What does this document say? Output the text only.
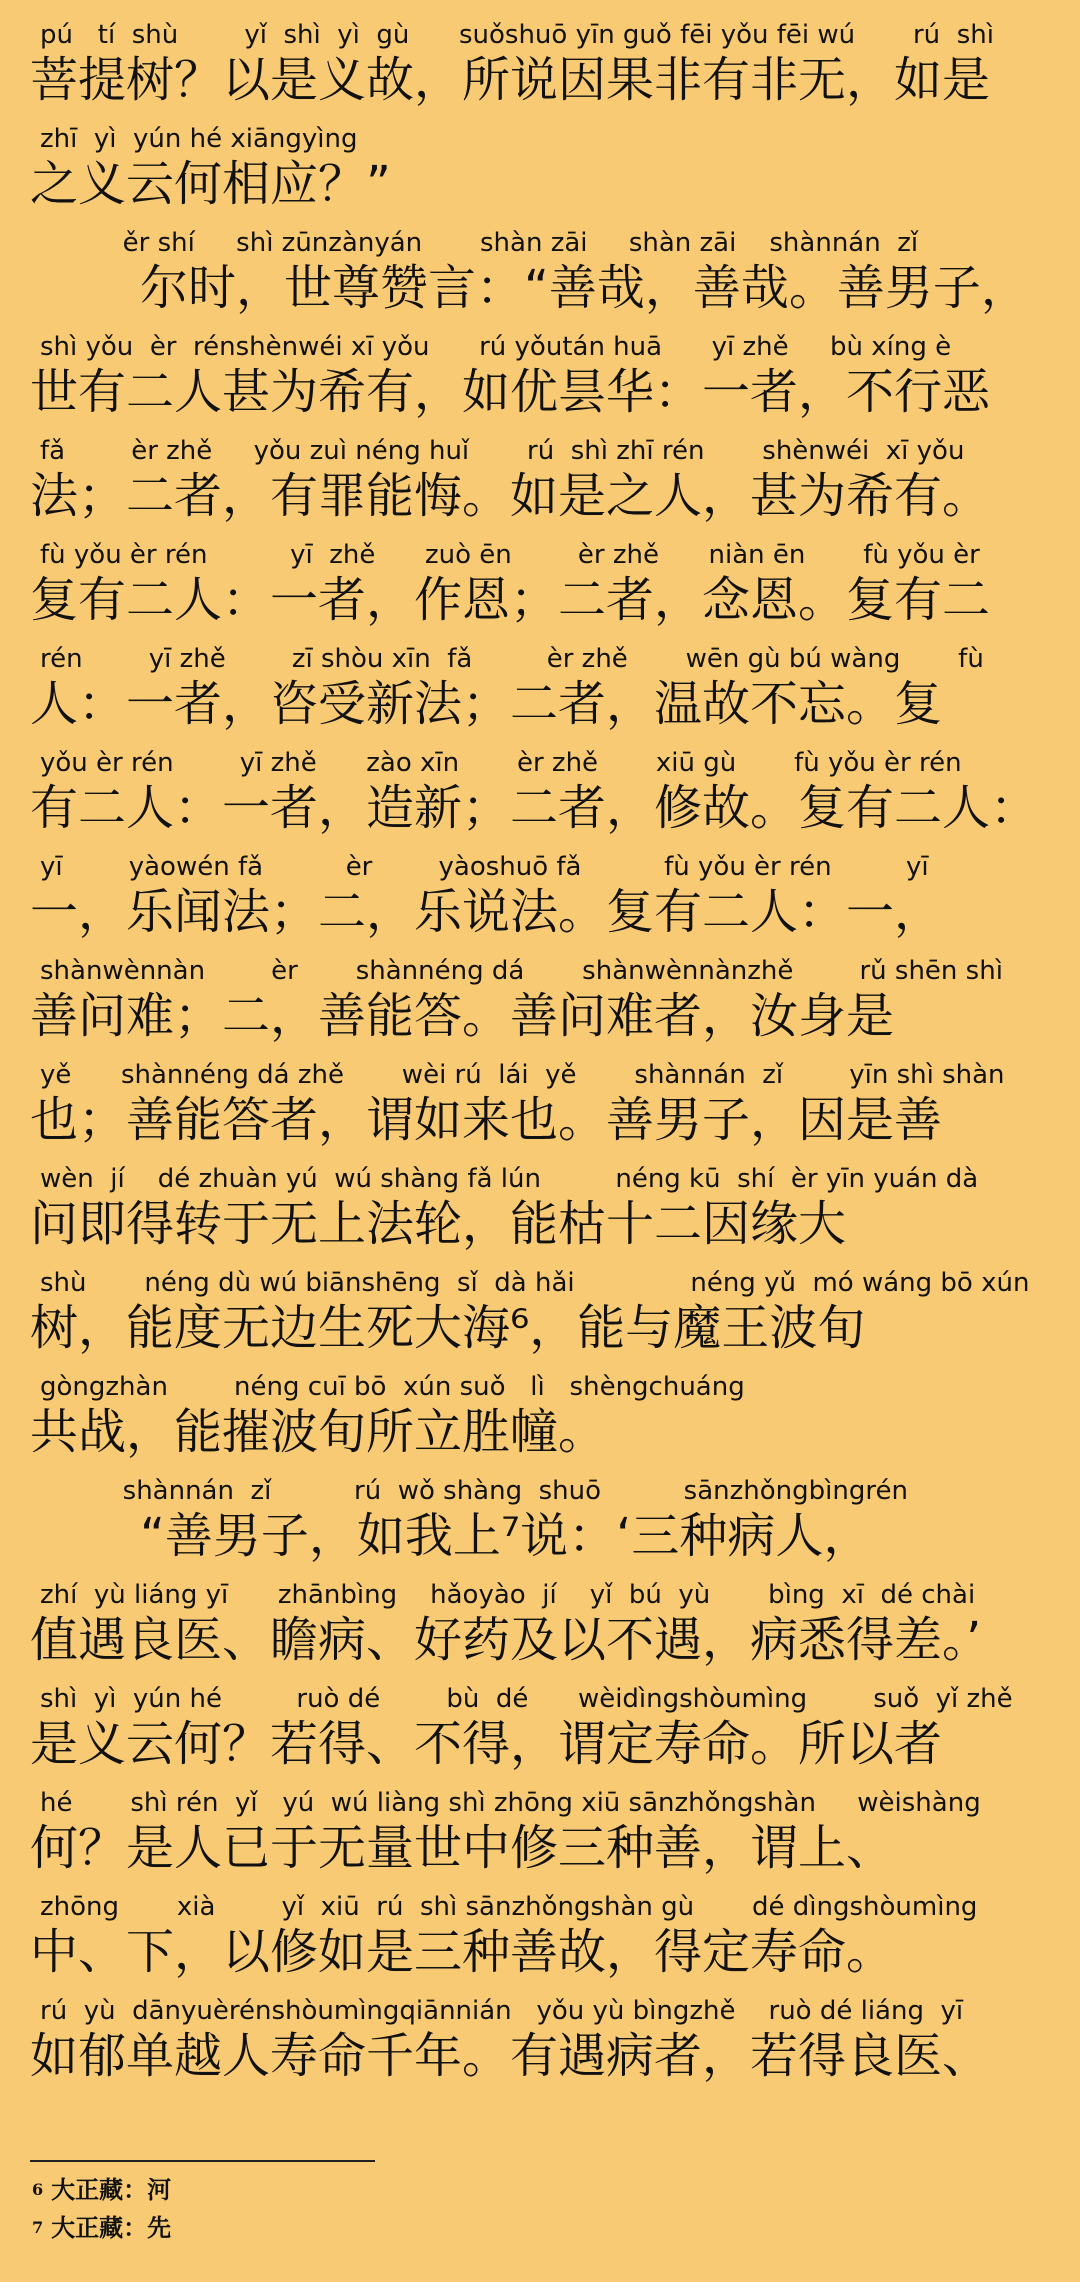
pú   tí  shù        yǐ  shì  yì  gù      suǒshuō yīn guǒ fēi yǒu fēi wú       rú  shì
菩提树？以是义故，所说因果非有非无，如是
zhī  yì  yún hé xiāngyìng
之义云何相应？”
ěr shí     shì zūnzànyán       shàn zāi     shàn zāi    shànnán  zǐ
尔时，世尊赞言：“善哉，善哉。善男子，
shì yǒu  èr  rénshènwéi xī yǒu      rú yǒután huā      yī zhě     bù xíng è
世有二人甚为希有，如优昙华：一者，不行恶
fǎ        èr zhě     yǒu zuì néng huǐ       rú  shì zhī rén       shènwéi  xī yǒu
法；二者，有罪能悔。如是之人，甚为希有。
fù yǒu èr rén          yī  zhě      zuò ēn        èr zhě      niàn ēn       fù yǒu èr
复有二人：一者，作恩；二者，念恩。复有二
rén        yī zhě        zī shòu xīn  fǎ         èr zhě       wēn gù bú wàng       fù
人：一者，咨受新法；二者，温故不忘。复
yǒu èr rén        yī zhě      zào xīn       èr zhě       xiū gù       fù yǒu èr rén
有二人：一者，造新；二者，修故。复有二人：
yī        yàowén fǎ          èr        yàoshuō fǎ          fù yǒu èr rén         yī
一，乐闻法；二，乐说法。复有二人：一，
shànwènnàn        èr       shànnéng dá       shànwènnànzhě        rǔ shēn shì
善问难；二，善能答。善问难者，汝身是
yě      shànnéng dá zhě       wèi rú  lái  yě       shànnán  zǐ        yīn shì shàn
也；善能答者，谓如来也。善男子，因是善
wèn  jí    dé zhuàn yú  wú shàng fǎ lún         néng kū  shí  èr yīn yuán dà
问即得转于无上法轮，能枯十二因缘大
shù       néng dù wú biānshēng  sǐ  dà hǎi              néng yǔ  mó wáng bō xún
树，能度无边生死大海⁶，能与魔王波旬
gòngzhàn        néng cuī bō  xún suǒ   lì   shèngchuáng
共战，能摧波旬所立胜幢。
shànnán  zǐ          rú  wǒ shàng  shuō          sānzhǒngbìngrén
“善男子，如我上⁷说：‘三种病人，
zhí  yù liáng yī      zhānbìng    hǎoyào  jí    yǐ  bú  yù       bìng  xī  dé chài
值遇良医、瞻病、好药及以不遇，病悉得差。’
shì  yì  yún hé         ruò dé        bù  dé      wèidìngshòumìng        suǒ  yǐ zhě
是义云何？若得、不得，谓定寿命。所以者
hé       shì rén  yǐ   yú  wú liàng shì zhōng xiū sānzhǒngshàn     wèishàng
何？是人已于无量世中修三种善，谓上、
zhōng       xià        yǐ  xiū  rú  shì sānzhǒngshàn gù       dé dìngshòumìng
中、下，以修如是三种善故，得定寿命。
rú  yù  dānyuèrénshòumìngqiānnián   yǒu yù bìngzhě    ruò dé liáng  yī
如郁单越人寿命千年。有遇病者，若得良医、
$^6$ 大正藏：河
$^7$ 大正藏：先
